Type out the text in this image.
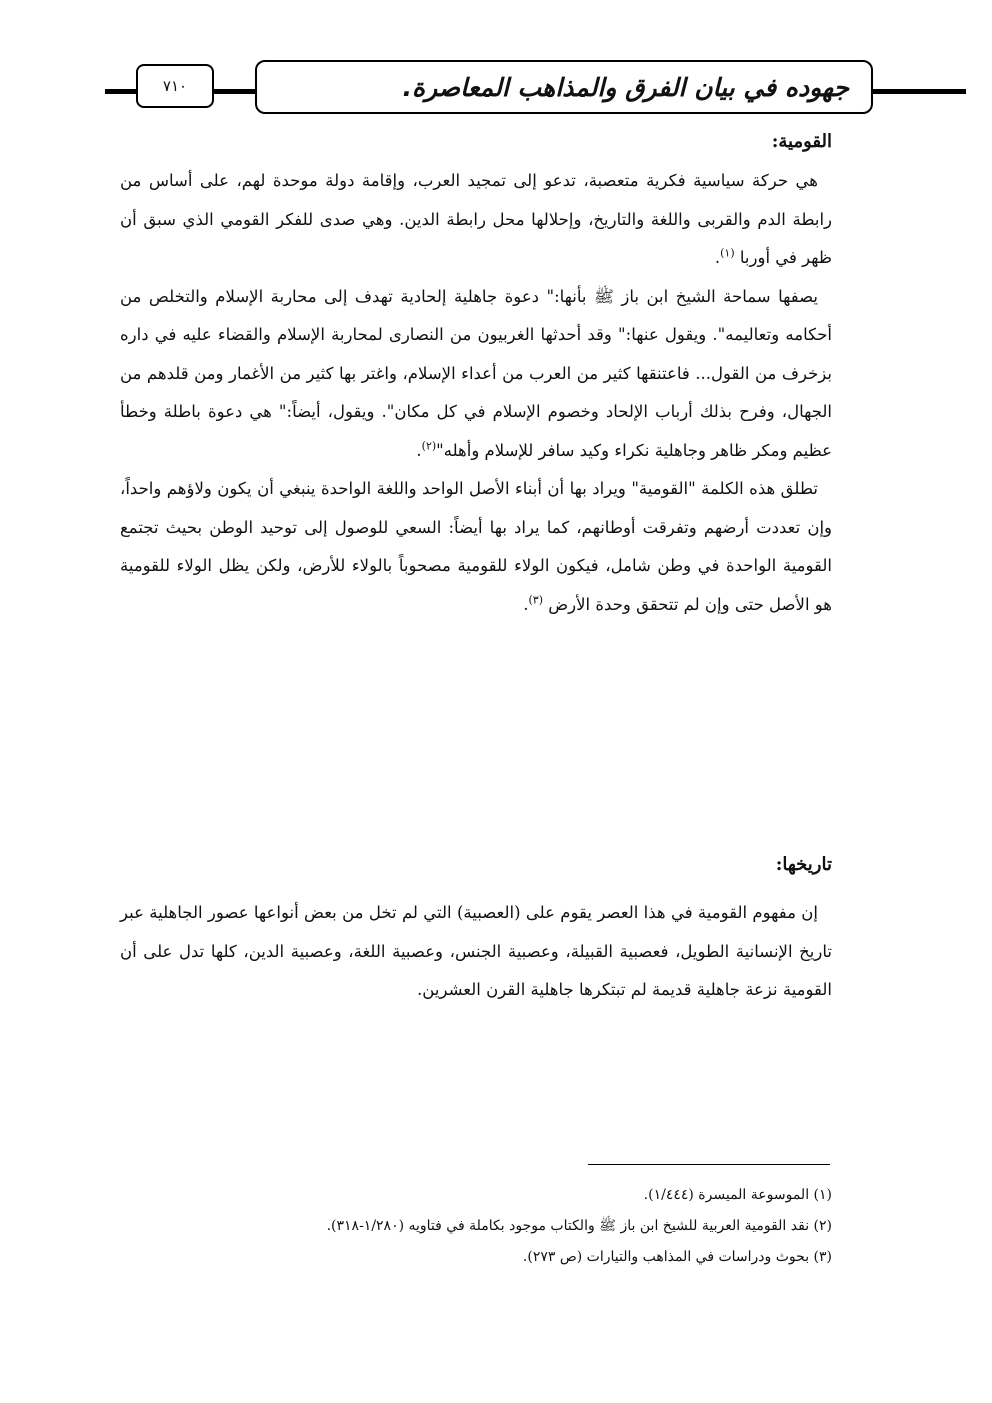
٧١٠	جهوده في بيان الفرق والمذاهب المعاصرة.
القومية:

هي حركة سياسية فكرية متعصبة، تدعو إلى تمجيد العرب، وإقامة دولة موحدة لهم، على أساس من رابطة الدم والقربى واللغة والتاريخ، وإحلالها محل رابطة الدين. وهي صدى للفكر القومي الذي سبق أن ظهر في أوربا $^{(١)}$.

يصفها سماحة الشيخ ابن باز ﷺ بأنها:" دعوة جاهلية إلحادية تهدف إلى محاربة الإسلام والتخلص من أحكامه وتعاليمه". ويقول عنها:" وقد أحدثها الغربيون من النصارى لمحاربة الإسلام والقضاء عليه في داره بزخرف من القول... فاعتنقها كثير من العرب من أعداء الإسلام، واغتر بها كثير من الأغمار ومن قلدهم من الجهال، وفرح بذلك أرباب الإلحاد وخصوم الإسلام في كل مكان". ويقول، أيضاً:" هي دعوة باطلة وخطأ عظيم ومكر ظاهر وجاهلية نكراء وكيد سافر للإسلام وأهله"$^{(٢)}$.

تطلق هذه الكلمة "القومية" ويراد بها أن أبناء الأصل الواحد واللغة الواحدة ينبغي أن يكون ولاؤهم واحداً، وإن تعددت أرضهم وتفرقت أوطانهم، كما يراد بها أيضاً: السعي للوصول إلى توحيد الوطن بحيث تجتمع القومية الواحدة في وطن شامل، فيكون الولاء للقومية مصحوباً بالولاء للأرض، ولكن يظل الولاء للقومية هو الأصل حتى وإن لم تتحقق وحدة الأرض $^{(٣)}$.

تاريخها:

إن مفهوم القومية في هذا العصر يقوم على (العصبية) التي لم تخل من بعض أنواعها عصور الجاهلية عبر تاريخ الإنسانية الطويل، فعصبية القبيلة، وعصبية الجنس، وعصبية اللغة، وعصبية الدين، كلها تدل على أن القومية نزعة جاهلية قديمة لم تبتكرها جاهلية القرن العشرين.

(١) الموسوعة الميسرة (١/٤٤٤).

(٢) نقد القومية العربية للشيخ ابن باز ﷺ والكتاب موجود بكاملة في فتاويه (١/٢٨٠-٣١٨).

(٣) بحوث ودراسات في المذاهب والتيارات (ص ٢٧٣).
